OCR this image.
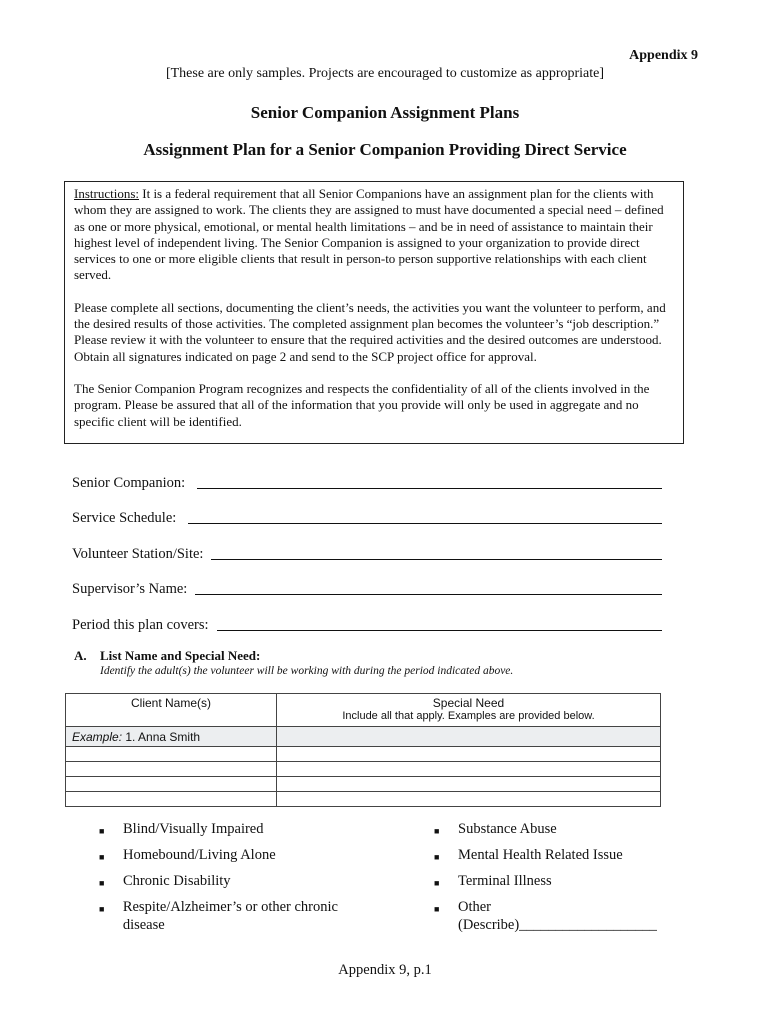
Appendix 9
[These are only samples. Projects are encouraged to customize as appropriate]
Senior Companion Assignment Plans
Assignment Plan for a Senior Companion Providing Direct Service

Instructions: It is a federal requirement that all Senior Companions have an assignment plan for the clients with whom they are assigned to work. The clients they are assigned to must have documented a special need – defined as one or more physical, emotional, or mental health limitations – and be in need of assistance to maintain their highest level of independent living. The Senior Companion is assigned to your organization to provide direct services to one or more eligible clients that result in person-to person supportive relationships with each client served.

Please complete all sections, documenting the client’s needs, the activities you want the volunteer to perform, and the desired results of those activities. The completed assignment plan becomes the volunteer’s “job description.” Please review it with the volunteer to ensure that the required activities and the desired outcomes are understood. Obtain all signatures indicated on page 2 and send to the SCP project office for approval.

The Senior Companion Program recognizes and respects the confidentiality of all of the clients involved in the program. Please be assured that all of the information that you provide will only be used in aggregate and no specific client will be identified.

Senior Companion:
Service Schedule:
Volunteer Station/Site:
Supervisor’s Name:
Period this plan covers:
A. List Name and Special Need:
Identify the adult(s) the volunteer will be working with during the period indicated above.
Client Name(s)	Special Need
Include all that apply. Examples are provided below.

Example: 1. Anna Smith	

■	Blind/Visually Impaired
■	Homebound/Living Alone
■	Chronic Disability
■	Respite/Alzheimer’s or other chronic disease
■	Substance Abuse
■	Mental Health Related Issue
■	Terminal Illness
■	Other (Describe)___________________
Appendix 9, p.1
